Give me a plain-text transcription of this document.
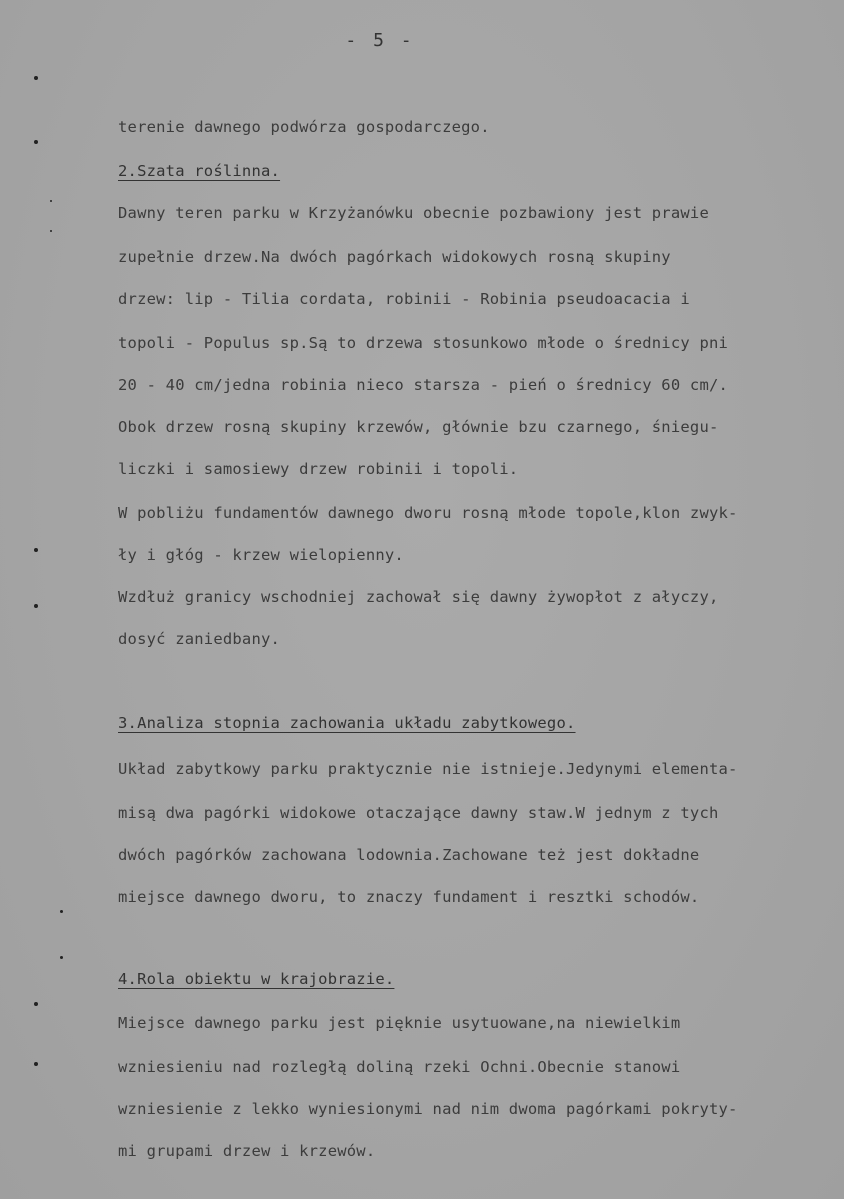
- 5 -
terenie dawnego podwórza gospodarczego.
2.Szata roślinna.
Dawny teren parku w Krzyżanówku obecnie pozbawiony jest prawie
zupełnie drzew.Na dwóch pagórkach widokowych rosną skupiny
drzew: lip - Tilia cordata, robinii - Robinia pseudoacacia i
topoli - Populus sp.Są to drzewa stosunkowo młode o średnicy pni
20 - 40 cm/jedna robinia nieco starsza - pień o średnicy 60 cm/.
Obok drzew rosną skupiny krzewów, głównie bzu czarnego, śniegu-
liczki i samosiewy drzew robinii i topoli.
W pobliżu fundamentów dawnego dworu rosną młode topole,klon zwyk-
ły i głóg - krzew wielopienny.
Wzdłuż granicy wschodniej zachował się dawny żywopłot z ałyczy,
dosyć zaniedbany.
3.Analiza stopnia zachowania układu zabytkowego.
Układ zabytkowy parku praktycznie nie istnieje.Jedynymi elementa-
misą dwa pagórki widokowe otaczające dawny staw.W jednym z tych
dwóch pagórków zachowana lodownia.Zachowane też jest dokładne
miejsce dawnego dworu, to znaczy fundament i resztki schodów.
4.Rola obiektu w krajobrazie.
Miejsce dawnego parku jest pięknie usytuowane,na niewielkim
wzniesieniu nad rozległą doliną rzeki Ochni.Obecnie stanowi
wzniesienie z lekko wyniesionymi nad nim dwoma pagórkami pokryty-
mi grupami drzew i krzewów.
